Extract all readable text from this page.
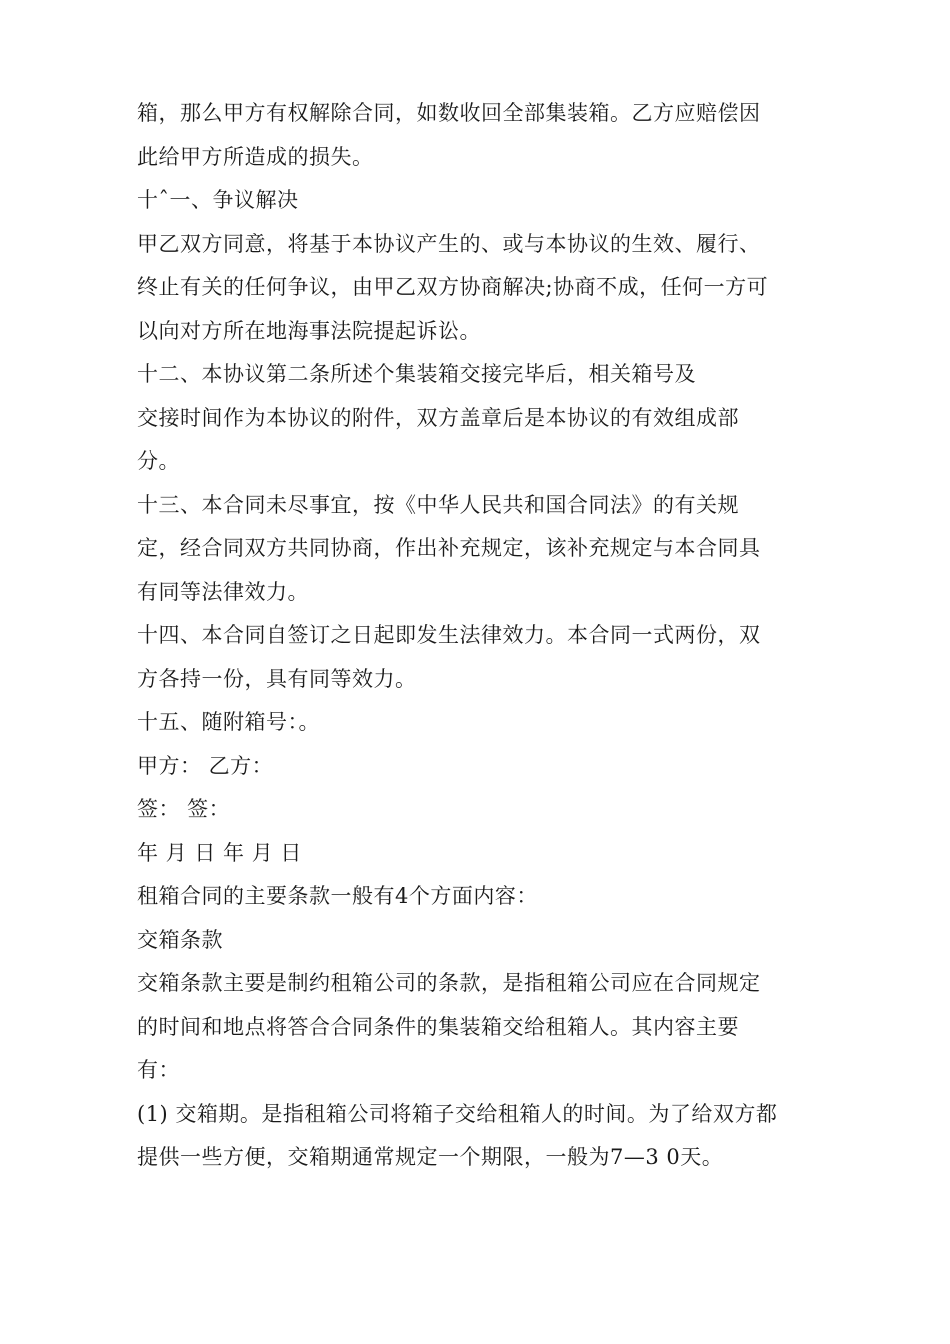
箱，那么甲方有权解除合同，如数收回全部集装箱。乙方应赔偿因
此给甲方所造成的损失。
十ˆ一、争议解决
甲乙双方同意，将基于本协议产生的、或与本协议的生效、履行、
终止有关的任何争议，由甲乙双方协商解决;协商不成，任何一方可
以向对方所在地海事法院提起诉讼。
十二、本协议第二条所述个集装箱交接完毕后，相关箱号及
交接时间作为本协议的附件，双方盖章后是本协议的有效组成部
分。
十三、本合同未尽事宜，按《中华人民共和国合同法》的有关规
定，经合同双方共同协商，作出补充规定，该补充规定与本合同具
有同等法律效力。
十四、本合同自签订之日起即发生法律效力。本合同一式两份，双
方各持一份，具有同等效力。
十五、随附箱号：。
甲方： 乙方：
签： 签：
年 月 日 年 月 日
租箱合同的主要条款一般有4个方面内容：
交箱条款
交箱条款主要是制约租箱公司的条款，是指租箱公司应在合同规定
的时间和地点将答合合同条件的集装箱交给租箱人。其内容主要
有：
(1) 交箱期。是指租箱公司将箱子交给租箱人的时间。为了给双方都
提供一些方便，交箱期通常规定一个期限，一般为7—3 0天。
